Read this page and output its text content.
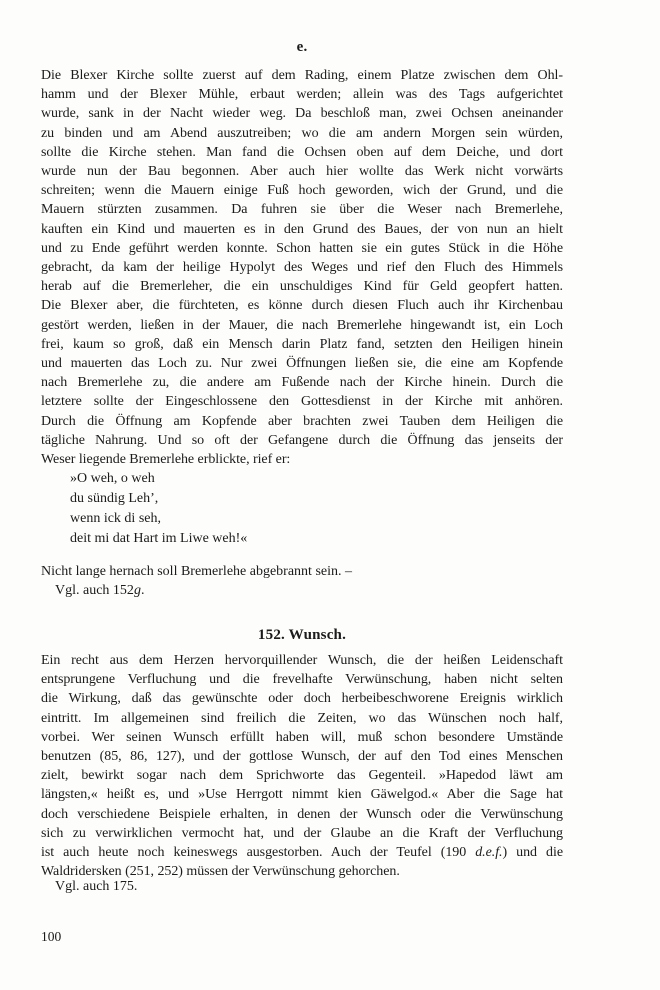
e.
Die Blexer Kirche sollte zuerst auf dem Rading, einem Platze zwischen dem Ohl-
hamm und der Blexer Mühle, erbaut werden; allein was des Tags aufgerichtet
wurde, sank in der Nacht wieder weg. Da beschloß man, zwei Ochsen aneinander
zu binden und am Abend auszutreiben; wo die am andern Morgen sein würden,
sollte die Kirche stehen. Man fand die Ochsen oben auf dem Deiche, und dort
wurde nun der Bau begonnen. Aber auch hier wollte das Werk nicht vorwärts
schreiten; wenn die Mauern einige Fuß hoch geworden, wich der Grund, und die
Mauern stürzten zusammen. Da fuhren sie über die Weser nach Bremerlehe,
kauften ein Kind und mauerten es in den Grund des Baues, der von nun an hielt
und zu Ende geführt werden konnte. Schon hatten sie ein gutes Stück in die Höhe
gebracht, da kam der heilige Hypolyt des Weges und rief den Fluch des Himmels
herab auf die Bremerleher, die ein unschuldiges Kind für Geld geopfert hatten.
Die Blexer aber, die fürchteten, es könne durch diesen Fluch auch ihr Kirchenbau
gestört werden, ließen in der Mauer, die nach Bremerlehe hingewandt ist, ein Loch
frei, kaum so groß, daß ein Mensch darin Platz fand, setzten den Heiligen hinein
und mauerten das Loch zu. Nur zwei Öffnungen ließen sie, die eine am Kopfende
nach Bremerlehe zu, die andere am Fußende nach der Kirche hinein. Durch die
letztere sollte der Eingeschlossene den Gottesdienst in der Kirche mit anhören.
Durch die Öffnung am Kopfende aber brachten zwei Tauben dem Heiligen die
tägliche Nahrung. Und so oft der Gefangene durch die Öffnung das jenseits der
Weser liegende Bremerlehe erblickte, rief er:
»O weh, o weh
du sündig Leh’,
wenn ick di seh,
deit mi dat Hart im Liwe weh!«
Nicht lange hernach soll Bremerlehe abgebrannt sein. –
Vgl. auch 152g.
152. Wunsch.
Ein recht aus dem Herzen hervorquillender Wunsch, die der heißen Leidenschaft
entsprungene Verfluchung und die frevelhafte Verwünschung, haben nicht selten
die Wirkung, daß das gewünschte oder doch herbeibeschworene Ereignis wirklich
eintritt. Im allgemeinen sind freilich die Zeiten, wo das Wünschen noch half,
vorbei. Wer seinen Wunsch erfüllt haben will, muß schon besondere Umstände
benutzen (85, 86, 127), und der gottlose Wunsch, der auf den Tod eines Menschen
zielt, bewirkt sogar nach dem Sprichworte das Gegenteil. »Hapedod läwt am
längsten,« heißt es, und »Use Herrgott nimmt kien Gäwelgod.« Aber die Sage hat
doch verschiedene Beispiele erhalten, in denen der Wunsch oder die Verwünschung
sich zu verwirklichen vermocht hat, und der Glaube an die Kraft der Verfluchung
ist auch heute noch keineswegs ausgestorben. Auch der Teufel (190 d.e.f.) und die
Waldridersken (251, 252) müssen der Verwünschung gehorchen.
Vgl. auch 175.
100
